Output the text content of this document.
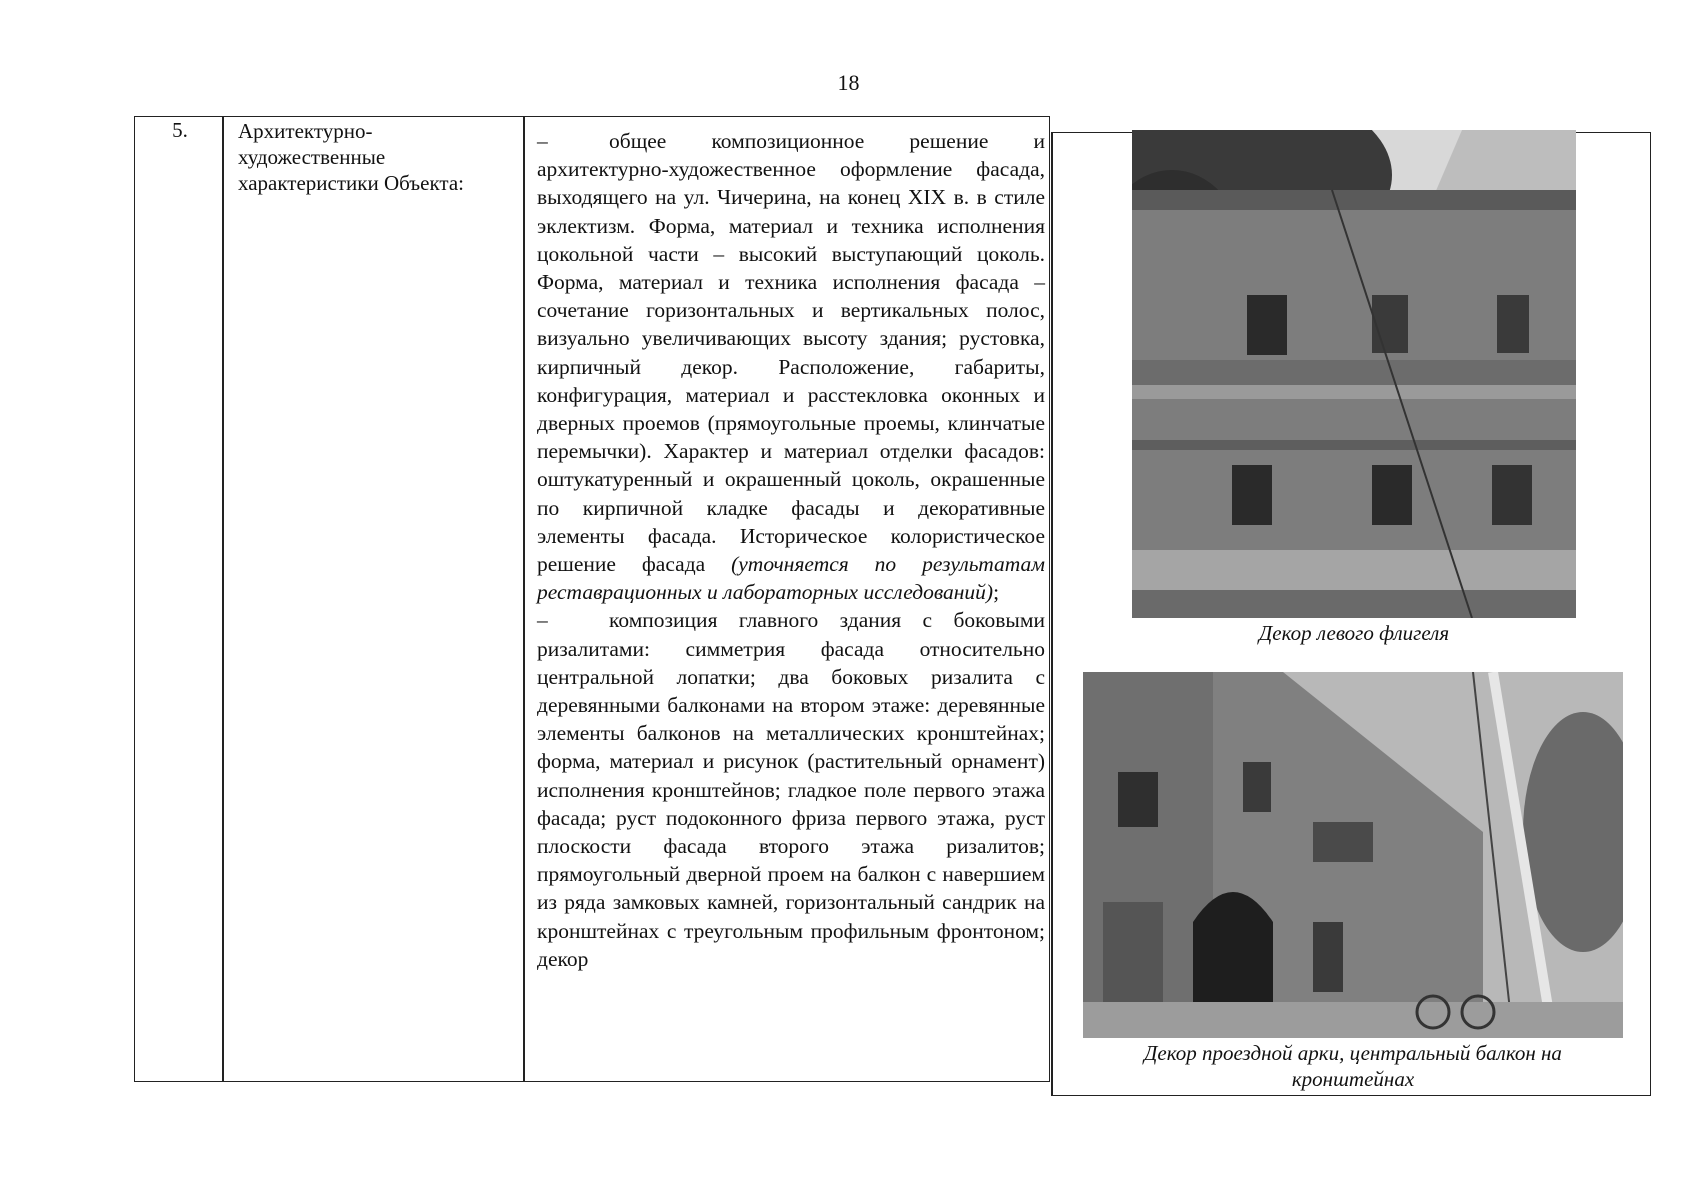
18
5.	Архитектурно-
художественные
характеристики Объекта:

–	общее композиционное решение и архитектурно-художественное оформление фасада, выходящего на ул. Чичерина, на конец XIX в. в стиле эклектизм. Форма, материал и техника исполнения цокольной части – высокий выступающий цоколь. Форма, материал и техника исполнения фасада – сочетание горизонтальных и вертикальных полос, визуально увеличивающих высоту здания; рустовка, кирпичный декор. Расположение, габариты, конфигурация, материал и расстекловка оконных и дверных проемов (прямоугольные проемы, клинчатые перемычки). Характер и материал отделки фасадов: оштукатуренный и окрашенный цоколь, окрашенные по кирпичной кладке фасады и декоративные элементы фасада. Историческое колористическое решение фасада (уточняется по результатам реставрационных и лабораторных исследований);

–	композиция главного здания с боковыми ризалитами: симметрия фасада относительно центральной лопатки; два боковых ризалита с деревянными балконами на втором этаже: деревянные элементы балконов на металлических кронштейнах; форма, материал и рисунок (растительный орнамент) исполнения кронштейнов; гладкое поле первого этажа фасада; руст подоконного фриза первого этажа, руст плоскости фасада второго этажа ризалитов; прямоугольный дверной проем на балкон с навершием из ряда замковых камней, горизонтальный сандрик на кронштейнах с треугольным профильным фронтоном; декор

Декор левого флигеля
Декор проездной арки, центральный балкон на кронштейнах
